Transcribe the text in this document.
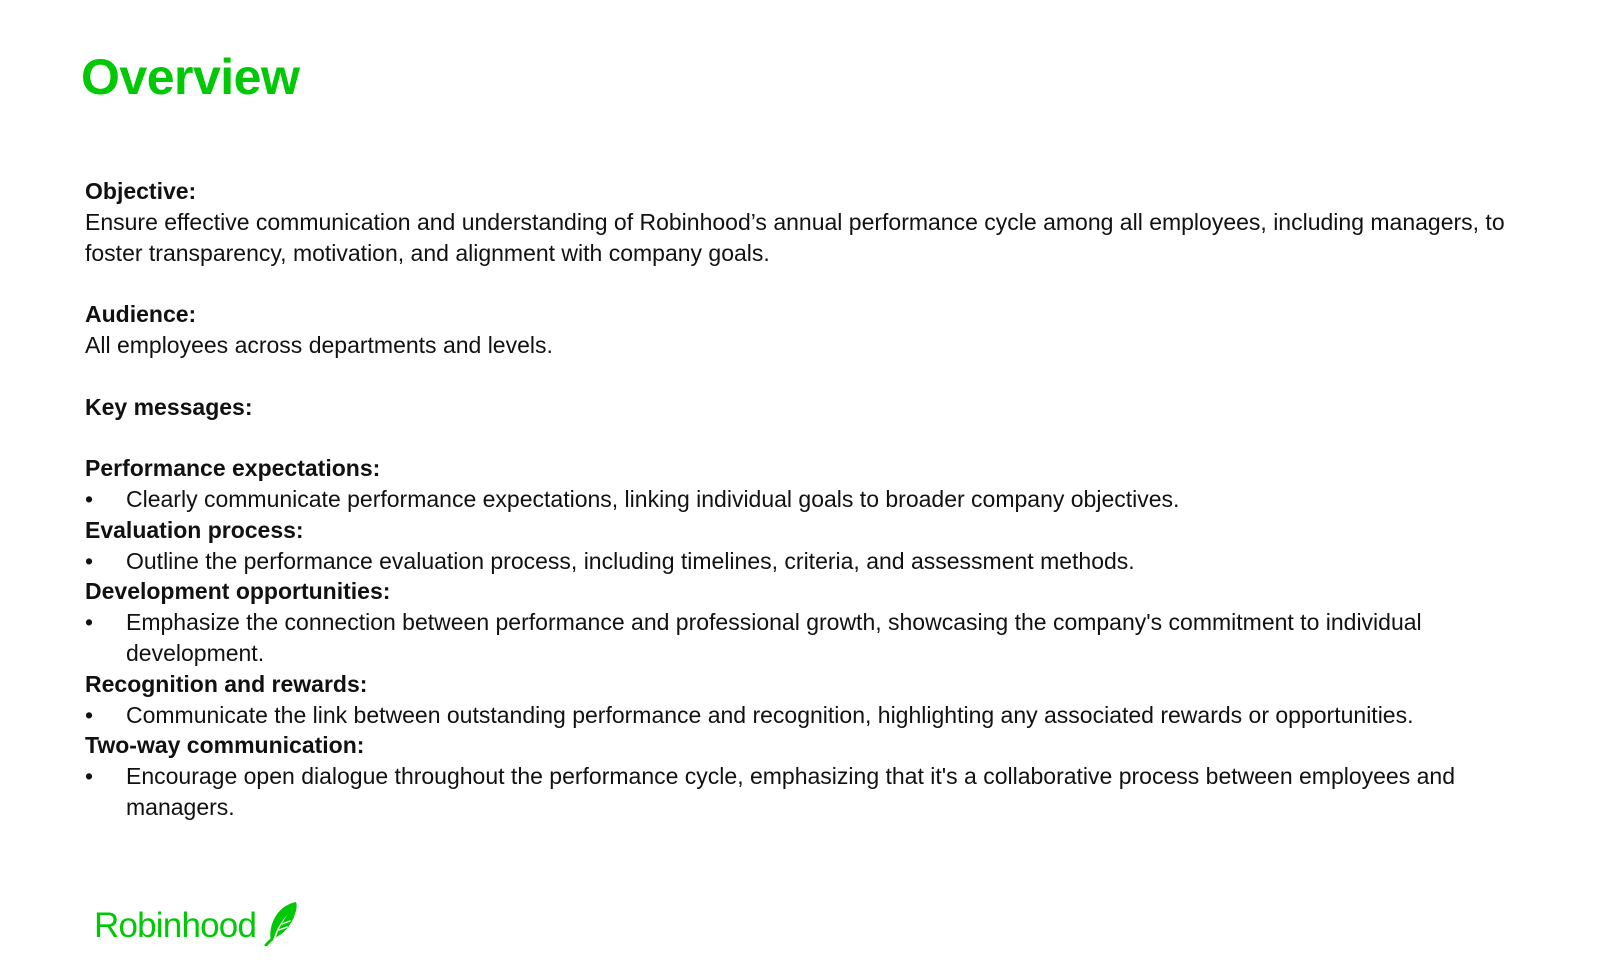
Overview

Objective:

Ensure effective communication and understanding of Robinhood’s annual performance cycle among all employees, including managers, to foster transparency, motivation, and alignment with company goals.

Audience:

All employees across departments and levels.

Key messages:

Performance expectations:

•	Clearly communicate performance expectations, linking individual goals to broader company objectives.

Evaluation process:

•	Outline the performance evaluation process, including timelines, criteria, and assessment methods.

Development opportunities:

•	Emphasize the connection between performance and professional growth, showcasing the company's commitment to individual development.

Recognition and rewards:

•	Communicate the link between outstanding performance and recognition, highlighting any associated rewards or opportunities.

Two-way communication:

•	Encourage open dialogue throughout the performance cycle, emphasizing that it's a collaborative process between employees and managers.

Robinhood
